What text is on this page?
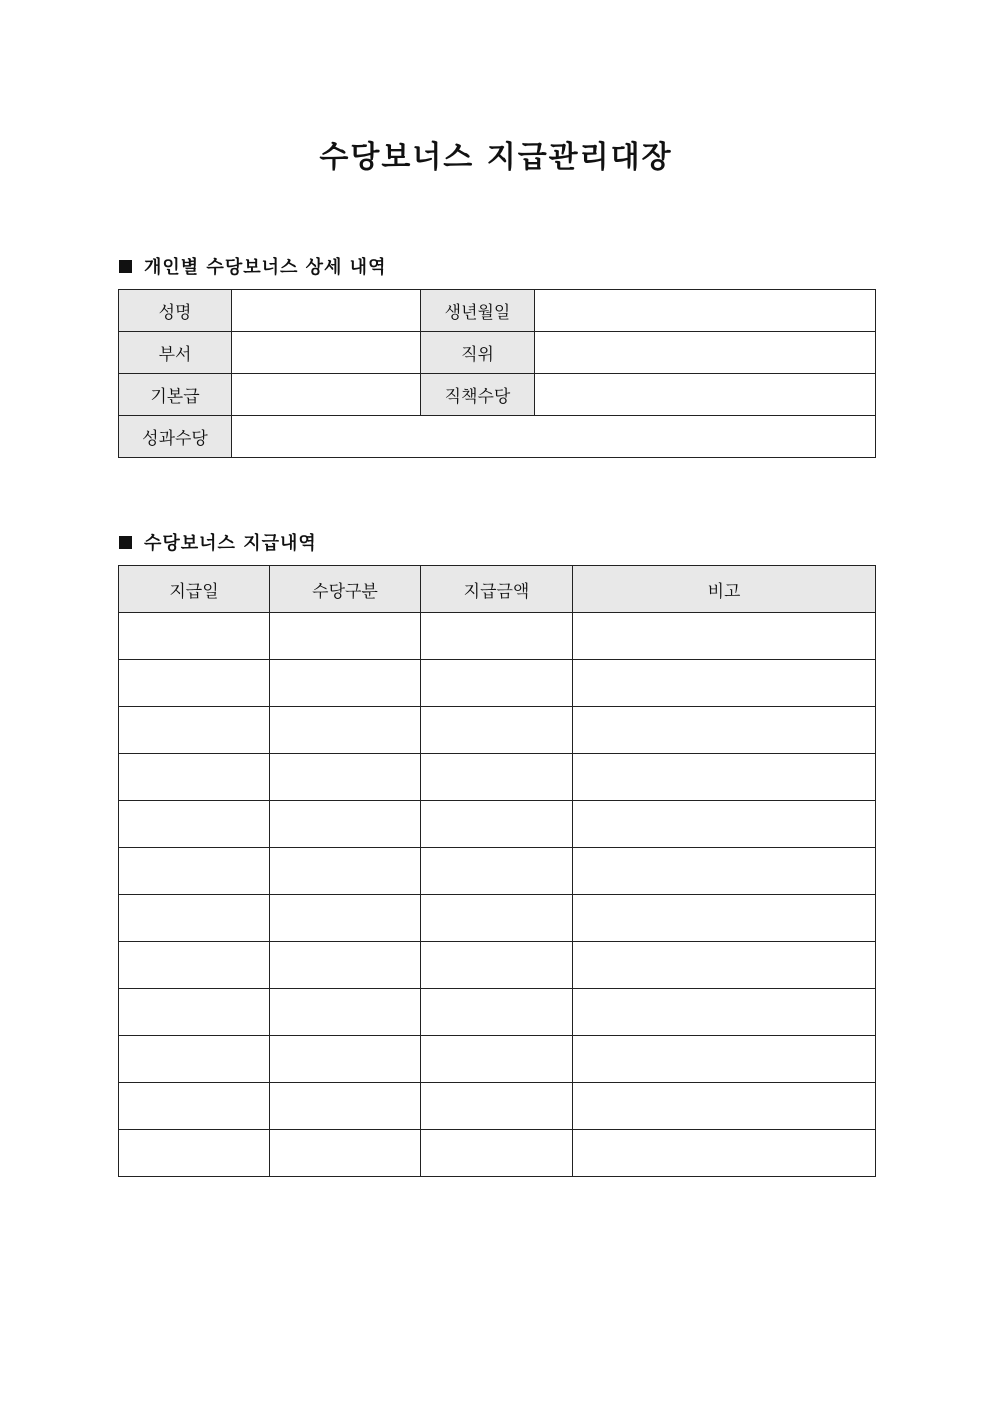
수당보너스 지급관리대장
개인별 수당보너스 상세 내역
성명		생년월일	
부서		직위	
기본급		직책수당	
성과수당			
수당보너스 지급내역
지급일	수당구분	지급금액	비고
